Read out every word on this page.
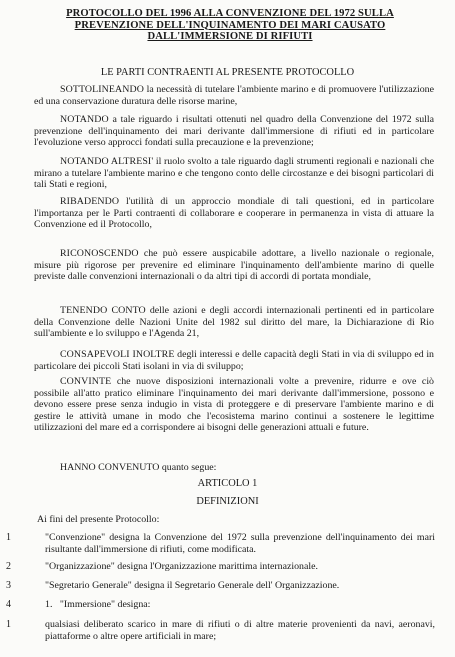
PROTOCOLLO DEL 1996 ALLA CONVENZIONE DEL 1972 SULLA
PREVENZIONE DELL'INQUINAMENTO DEI MARI CAUSATO
DALL'IMMERSIONE DI RIFIUTI
LE PARTI CONTRAENTI AL PRESENTE PROTOCOLLO
SOTTOLINEANDO la necessità di tutelare l'ambiente marino e di promuovere l'utilizzazione ed una conservazione duratura delle risorse marine,
NOTANDO a tale riguardo i risultati ottenuti nel quadro della Convenzione del 1972 sulla prevenzione dell'inquinamento dei mari derivante dall'immersione di rifiuti ed in particolare l'evoluzione verso approcci fondati sulla precauzione e la prevenzione;
NOTANDO ALTRESI' il ruolo svolto a tale riguardo dagli strumenti regionali e nazionali che mirano a tutelare l'ambiente marino e che tengono conto delle circostanze e dei bisogni particolari di tali Stati e regioni,
RIBADENDO l'utilità di un approccio mondiale di tali questioni, ed in particolare l'importanza per le Parti contraenti di collaborare e cooperare in permanenza in vista di attuare la Convenzione ed il Protocollo,
RICONOSCENDO che può essere auspicabile adottare, a livello nazionale o regionale, misure più rigorose per prevenire ed eliminare l'inquinamento dell'ambiente marino di quelle previste dalle convenzioni internazionali o da altri tipi di accordi di portata mondiale,
TENENDO CONTO delle azioni e degli accordi internazionali pertinenti ed in particolare della Convenzione delle Nazioni Unite del 1982 sul diritto del mare, la Dichiarazione di Rio sull'ambiente e lo sviluppo e l'Agenda 21,
CONSAPEVOLI INOLTRE degli interessi e delle capacità degli Stati in via di sviluppo ed in particolare dei piccoli Stati isolani in via di sviluppo;
CONVINTE che nuove disposizioni internazionali volte a prevenire, ridurre e ove ciò possibile all'atto pratico eliminare l'inquinamento dei mari derivante dall'immersione, possono e devono essere prese senza indugio in vista di proteggere e di preservare l'ambiente marino e di gestire le attività umane in modo che l'ecosistema marino continui a sostenere le legittime utilizzazioni del mare ed a corrispondere ai bisogni delle generazioni attuali e future.
HANNO CONVENUTO quanto segue:
ARTICOLO 1
DEFINIZIONI
Ai fini del presente Protocollo:
1	"Convenzione" designa la Convenzione del 1972 sulla prevenzione dell'inquinamento dei mari risultante dall'immersione di rifiuti, come modificata.
2	"Organizzazione" designa l'Organizzazione marittima internazionale.
3	"Segretario Generale" designa il Segretario Generale dell' Organizzazione.
4	1.   "Immersione" designa:
1	qualsiasi deliberato scarico in mare di rifiuti o di altre materie provenienti da navi, aeronavi, piattaforme o altre opere artificiali in mare;
